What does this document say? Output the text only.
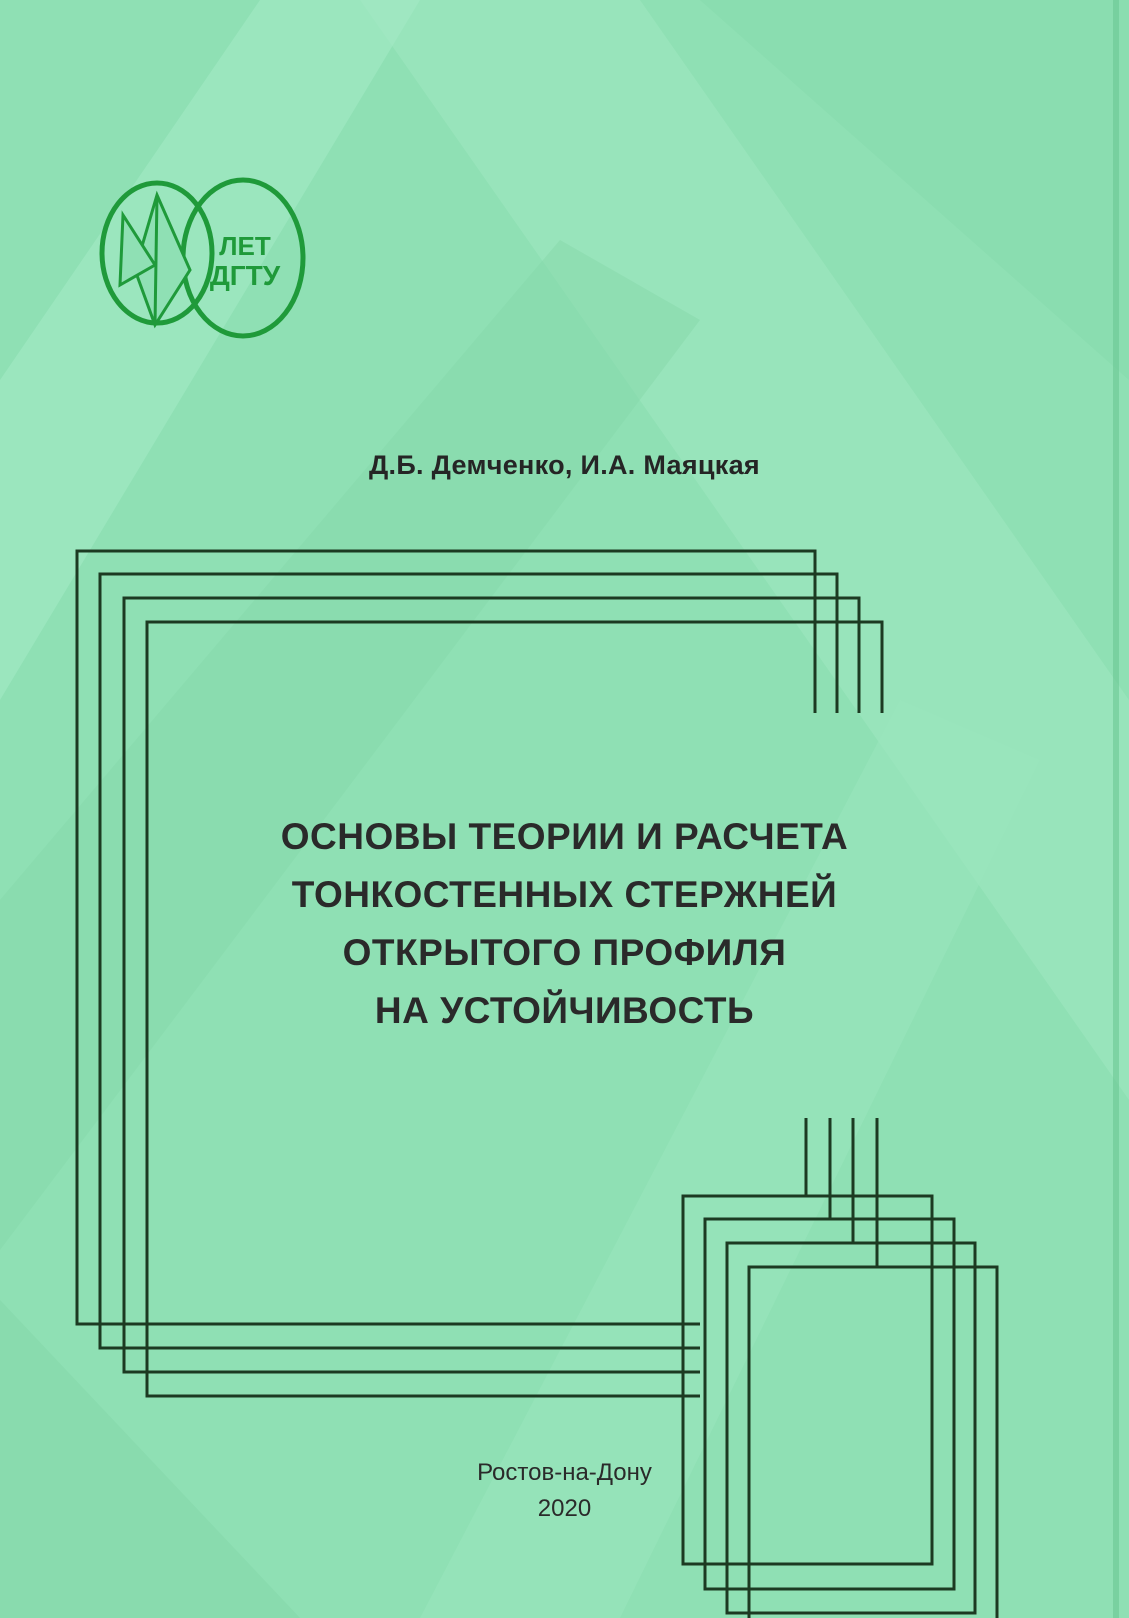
ЛЕТ
ДГТУ
Д.Б. Демченко, И.А. Маяцкая
ОСНОВЫ ТЕОРИИ И РАСЧЕТА
ТОНКОСТЕННЫХ СТЕРЖНЕЙ
ОТКРЫТОГО ПРОФИЛЯ
НА УСТОЙЧИВОСТЬ
Ростов-на-Дону
2020
